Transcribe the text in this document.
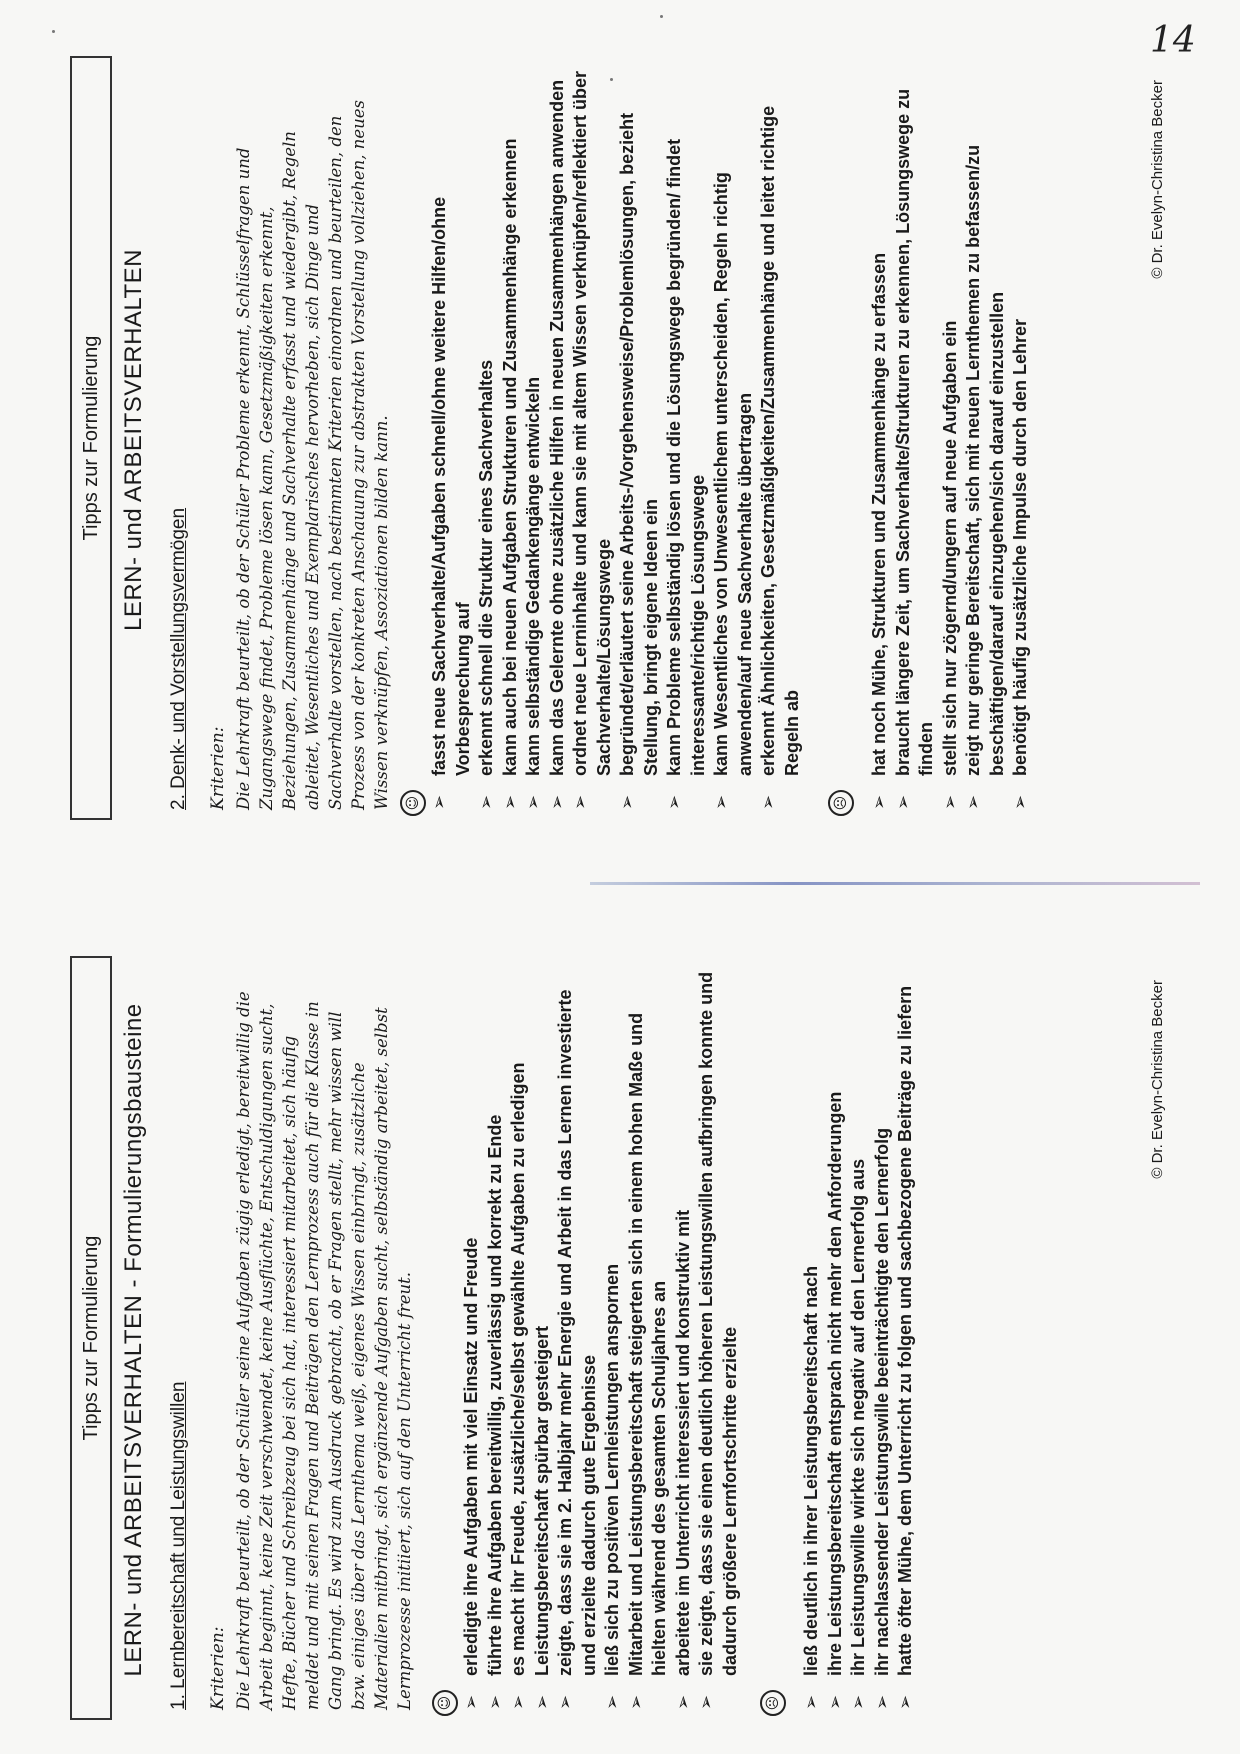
14
Tipps zur Formulierung LERN- und ARBEITSVERHALTEN - Formulierungsbausteine 1. Lernbereitschaft und Leistungswillen Kriterien: Die Lehrkraft beurteilt, ob der Schüler seine Aufgaben zügig erledigt, bereitwillig die Arbeit beginnt, keine Zeit verschwendet, keine Ausflüchte, Entschuldigungen sucht, Hefte, Bücher und Schreibzeug bei sich hat, interessiert mitarbeitet, sich häufig meldet und mit seinen Fragen und Beiträgen den Lernprozess auch für die Klasse in Gang bringt. Es wird zum Ausdruck gebracht, ob er Fragen stellt, mehr wissen will bzw. einiges über das Lernthema weiß, eigenes Wissen einbringt, zusätzliche Materialien mitbringt, sich ergänzende Aufgaben sucht, selbständig arbeitet, selbst Lernprozesse initiiert, sich auf den Unterricht freut.	☺
➢ erledigte ihre Aufgaben mit viel Einsatz und Freude ➢ führte ihre Aufgaben bereitwillig, zuverlässig und korrekt zu Ende ➢ es macht ihr Freude, zusätzliche/selbst gewählte Aufgaben zu erledigen ➢ Leistungsbereitschaft spürbar gesteigert ➢ zeigte, dass sie im 2. Halbjahr mehr Energie und Arbeit in das Lernen investierte und erzielte dadurch gute Ergebnisse ➢ ließ sich zu positiven Lernleistungen anspornen ➢ Mitarbeit und Leistungsbereitschaft steigerten sich in einem hohen Maße und hielten während des gesamten Schuljahres an ➢ arbeitete im Unterricht interessiert und konstruktiv mit ➢ sie zeigte, dass sie einen deutlich höheren Leistungswillen aufbringen konnte und dadurch größere Lernfortschritte erzielte
☹
➢ ließ deutlich in ihrer Leistungsbereitschaft nach ➢ ihre Leistungsbereitschaft entsprach nicht mehr den Anforderungen ➢ ihr Leistungswille wirkte sich negativ auf den Lernerfolg aus ➢ ihr nachlassender Leistungswille beeinträchtigte den Lernerfolg ➢ hatte öfter Mühe, dem Unterricht zu folgen und sachbezogene Beiträge zu liefern	© Dr. Evelyn-Christina Becker
Tipps zur Formulierung LERN- und ARBEITSVERHALTEN
2. Denk- und Vorstellungsvermögen Kriterien: Die Lehrkraft beurteilt, ob der Schüler Probleme erkennt, Schlüsselfragen und Zugangswege findet, Probleme lösen kann, Gesetzmäßigkeiten erkennt, Beziehungen, Zusammenhänge und Sachverhalte erfasst und wiedergibt, Regeln ableitet, Wesentliches und Exemplarisches hervorheben, sich Dinge und Sachverhalte vorstellen, nach bestimmten Kriterien einordnen und beurteilen, den Prozess von der konkreten Anschauung zur abstrakten Vorstellung vollziehen, neues Wissen verknüpfen, Assoziationen bilden kann.	☺
➢ fasst neue Sachverhalte/Aufgaben schnell/ohne weitere Hilfen/ohne Vorbesprechung auf ➢ erkennt schnell die Struktur eines Sachverhaltes ➢ kann auch bei neuen Aufgaben Strukturen und Zusammenhänge erkennen ➢ kann selbständige Gedankengänge entwickeln ➢ kann das Gelernte ohne zusätzliche Hilfen in neuen Zusammenhängen anwenden ➢ ordnet neue Lerninhalte und kann sie mit altem Wissen verknüpfen/reflektiert über Sachverhalte/Lösungswege ➢ begründet/erläutert seine Arbeits-/Vorgehensweise/Problemlösungen, bezieht Stellung, bringt eigene Ideen ein ➢ kann Probleme selbständig lösen und die Lösungswege begründen/ findet interessante/richtige Lösungswege ➢ kann Wesentliches von Unwesentlichem unterscheiden, Regeln richtig anwenden/auf neue Sachverhalte übertragen ➢ erkennt Ähnlichkeiten, Gesetzmäßigkeiten/Zusammenhänge und leitet richtige Regeln ab
☹
➢ hat noch Mühe, Strukturen und Zusammenhänge zu erfassen ➢ braucht längere Zeit, um Sachverhalte/Strukturen zu erkennen, Lösungswege zu finden ➢ stellt sich nur zögernd/ungern auf neue Aufgaben ein ➢ zeigt nur geringe Bereitschaft, sich mit neuen Lernthemen zu befassen/zu beschäftigen/darauf einzugehen/sich darauf einzustellen ➢ benötigt häufig zusätzliche Impulse durch den Lehrer
© Dr. Evelyn-Christina Becker
